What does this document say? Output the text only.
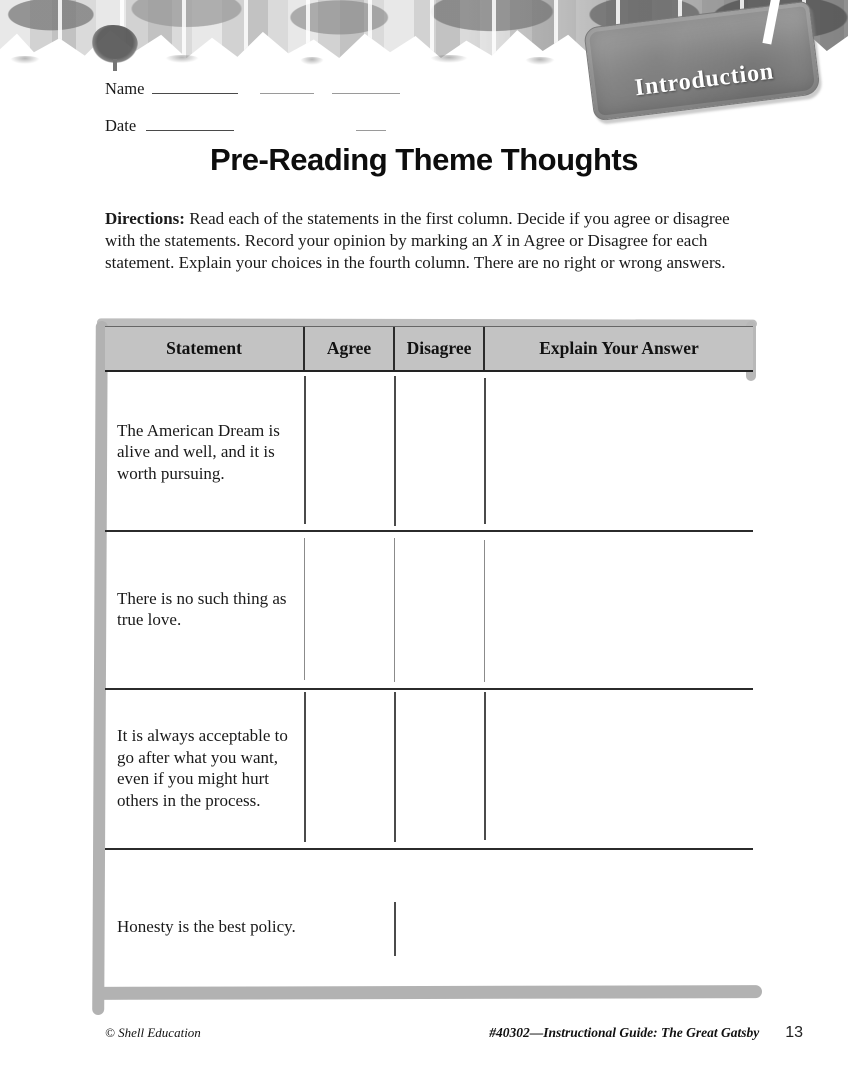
Introduction
Name
Date
Pre-Reading Theme Thoughts

Directions: Read each of the statements in the first column. Decide if you agree or disagree with the statements. Record your opinion by marking an X in Agree or Disagree for each statement. Explain your choices in the fourth column. There are no right or wrong answers.

Statement	Agree	Disagree	Explain Your Answer
The American Dream is alive and well, and it is worth pursuing.
There is no such thing as true love.
It is always acceptable to go after what you want, even if you might hurt others in the process.
Honesty is the best policy.
© Shell Education	#40302—Instructional Guide: The Great Gatsby 13
